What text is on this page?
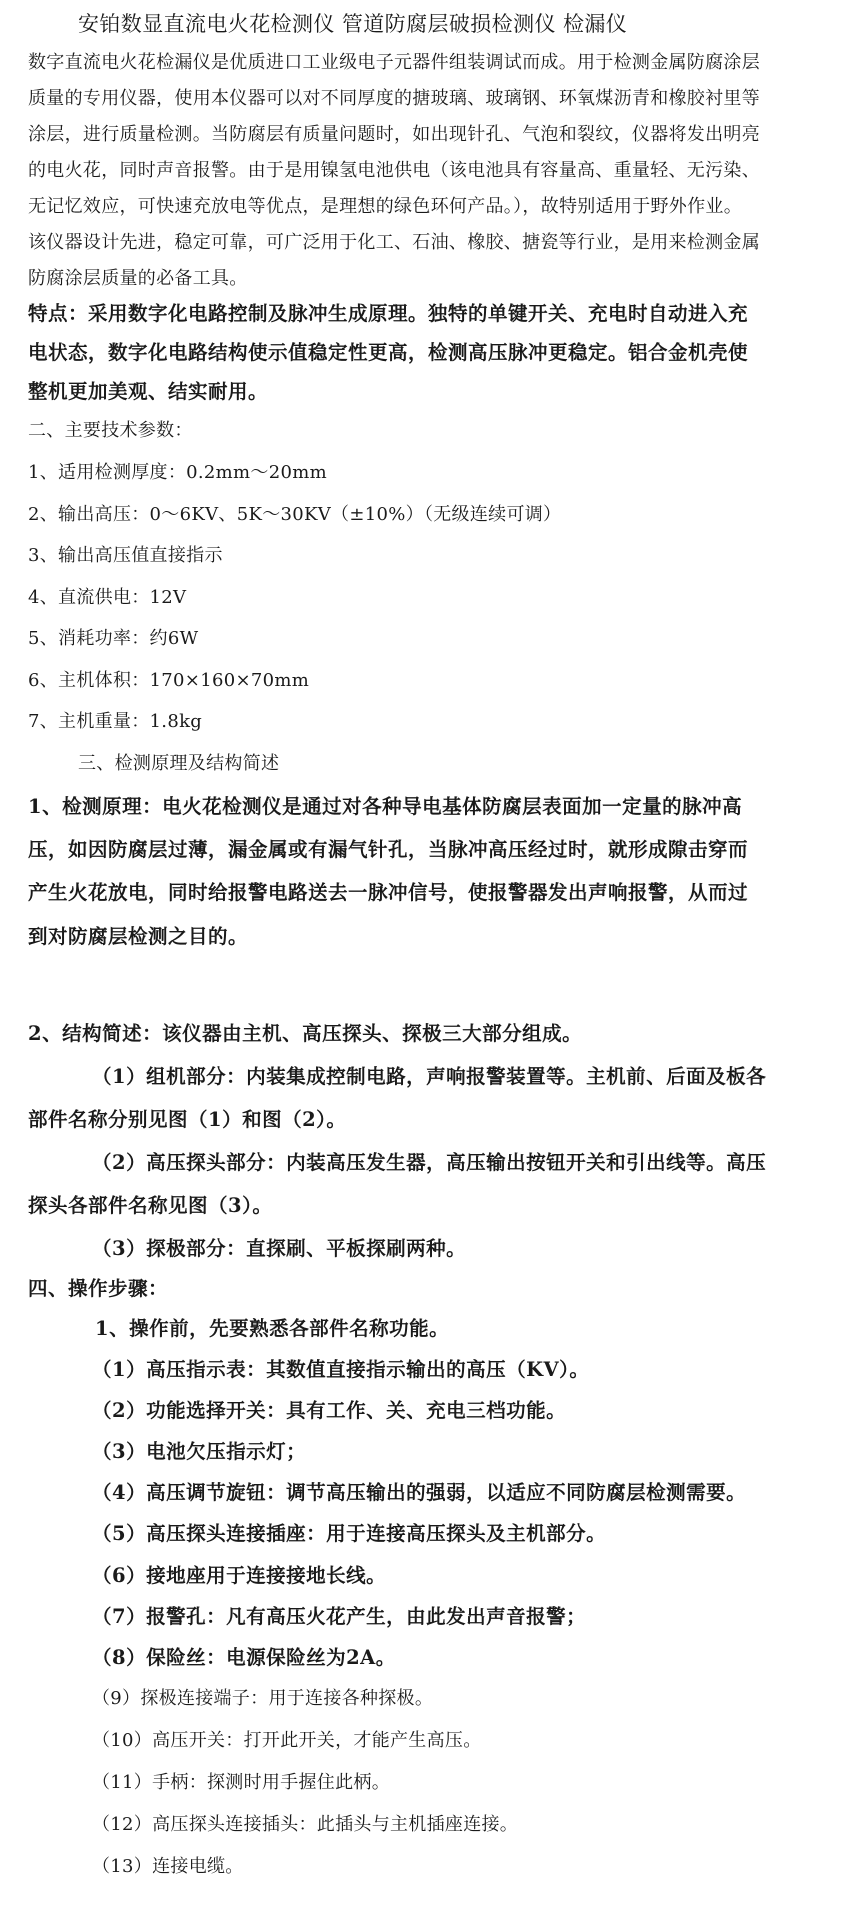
安铂数显直流电火花检测仪 管道防腐层破损检测仪 检漏仪

数字直流电火花检漏仪是优质进口工业级电子元器件组装调试而成。用于检测金属防腐涂层

质量的专用仪器，使用本仪器可以对不同厚度的搪玻璃、玻璃钢、环氧煤沥青和橡胶衬里等

涂层，进行质量检测。当防腐层有质量问题时，如出现针孔、气泡和裂纹，仪器将发出明亮

的电火花，同时声音报警。由于是用镍氢电池供电（该电池具有容量高、重量轻、无污染、

无记忆效应，可快速充放电等优点，是理想的绿色环何产品。），故特别适用于野外作业。

该仪器设计先进，稳定可靠，可广泛用于化工、石油、橡胶、搪瓷等行业，是用来检测金属

防腐涂层质量的必备工具。

特点：采用数字化电路控制及脉冲生成原理。独特的单键开关、充电时自动进入充

电状态，数字化电路结构使示值稳定性更高，检测高压脉冲更稳定。铝合金机壳使

整机更加美观、结实耐用。

二、主要技术参数：

1、适用检测厚度：0.2mm～20mm

2、输出高压：0～6KV、5K～30KV（±10%）（无级连续可调）

3、输出高压值直接指示

4、直流供电：12V

5、消耗功率：约6W

6、主机体积：170×160×70mm

7、主机重量：1.8kg

三、检测原理及结构简述

1、检测原理：电火花检测仪是通过对各种导电基体防腐层表面加一定量的脉冲高

压，如因防腐层过薄，漏金属或有漏气针孔，当脉冲高压经过时，就形成隙击穿而

产生火花放电，同时给报警电路送去一脉冲信号，使报警器发出声响报警，从而过

到对防腐层检测之目的。

2、结构简述：该仪器由主机、高压探头、探极三大部分组成。

（1）组机部分：内装集成控制电路，声响报警装置等。主机前、后面及板各

部件名称分别见图（1）和图（2）。

（2）高压探头部分：内装高压发生器，高压输出按钮开关和引出线等。高压

探头各部件名称见图（3）。

（3）探极部分：直探刷、平板探刷两种。

四、操作步骤：

1、操作前，先要熟悉各部件名称功能。

（1）高压指示表：其数值直接指示输出的高压（KV）。

（2）功能选择开关：具有工作、关、充电三档功能。

（3）电池欠压指示灯；

（4）高压调节旋钮：调节高压输出的强弱，以适应不同防腐层检测需要。

（5）高压探头连接插座：用于连接高压探头及主机部分。

（6）接地座用于连接接地长线。

（7）报警孔：凡有高压火花产生，由此发出声音报警；

（8）保险丝：电源保险丝为2A。

（9）探极连接端子：用于连接各种探极。

（10）高压开关：打开此开关，才能产生高压。

（11）手柄：探测时用手握住此柄。

（12）高压探头连接插头：此插头与主机插座连接。

（13）连接电缆。
